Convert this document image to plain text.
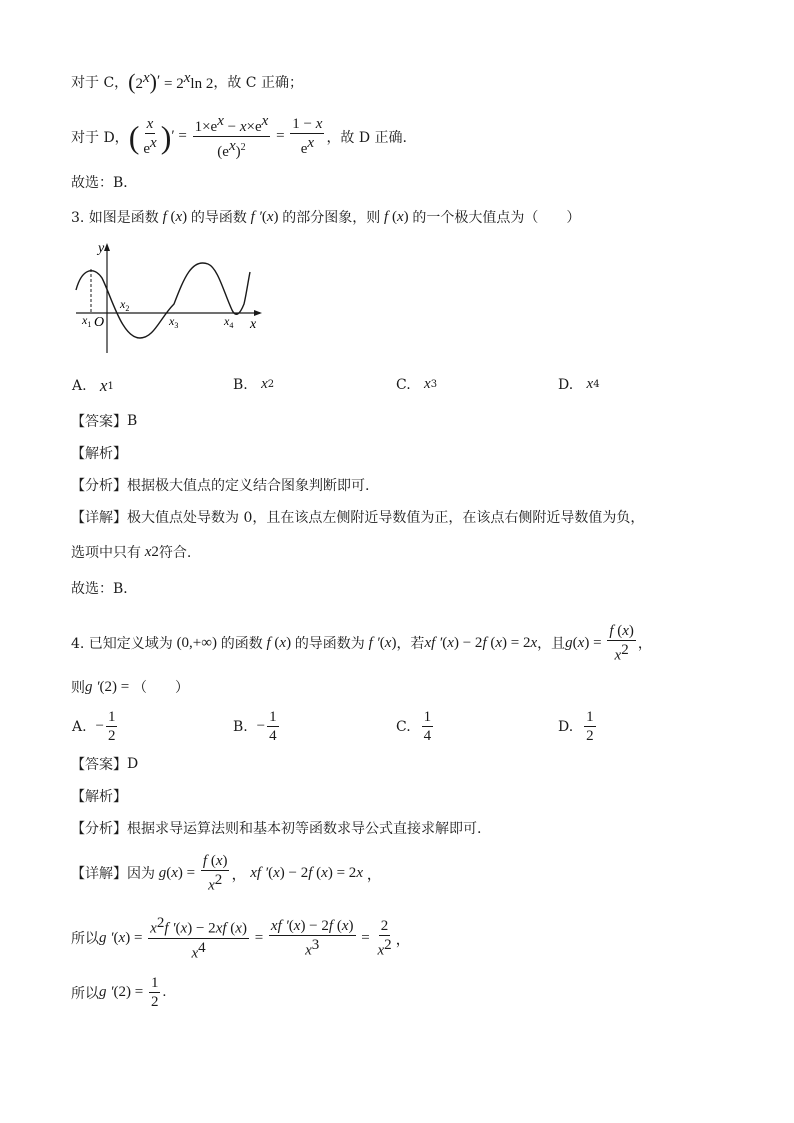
对于 C， ( 2$^x$ ) ′ = $2^x\ln$ 2 ，故 C 正确；
对于 D， ( $\frac{x}{e^x}$ ) ′ = $\frac{1\times e^x - x\times e^x}{(e^x)^2} = \frac{1 - x}{e^x}$ ，故 D 正确.
故选：B．
3. 如图是函数 f ( x ) 的导函数 f ′ ( x ) 的部分图象，则 f ( x ) 的一个极大值点为（　　）
y
x
O
$x_1$
$x_2$
$x_3$	$x_4$
A.
x 1	B.
x 2	C.
x 3	D.
x 4
【答案】 B
【解析】
【分析】 根据极大值点的定义结合图象判断即可.
【详解】 极大值点处导数为 0，且在该点左侧附近导数值为正，在该点右侧附近导数值为负，
选项中只有 x 2 符合.
故选：B．
4. 已知定义域为 (0,+∞) 的函数 f ( x ) 的导函数为 f ′ ( x ) ，若 xf ′ ( x ) − 2 f ( x ) = 2 x ，且 g ( x ) = $\frac{f (x)}{x^2}$ ，
则 g ′ (2) = （　　）
A.
− $\frac{1}{2}$	B.
− $\frac{1}{4}$	C.
$\frac{1}{4}$	D.
$\frac{1}{2}$
【答案】 D
【解析】
【分析】 根据求导运算法则和基本初等函数求导公式直接求解即可.
【详解】 因为 g ( x ) = $\frac{f (x)}{x^2}$ ， xf ′ ( x ) − 2 f ( x ) = 2 x ，
所以 g ′ ( x ) = $\frac{x^2f '(x) - 2xf (x)}{x^4} = \frac{xf '(x) - 2f (x)}{x^3} = \frac{2}{x^2}$ ，
所以 g ′ $(2) = \frac{1}{2}$ .
